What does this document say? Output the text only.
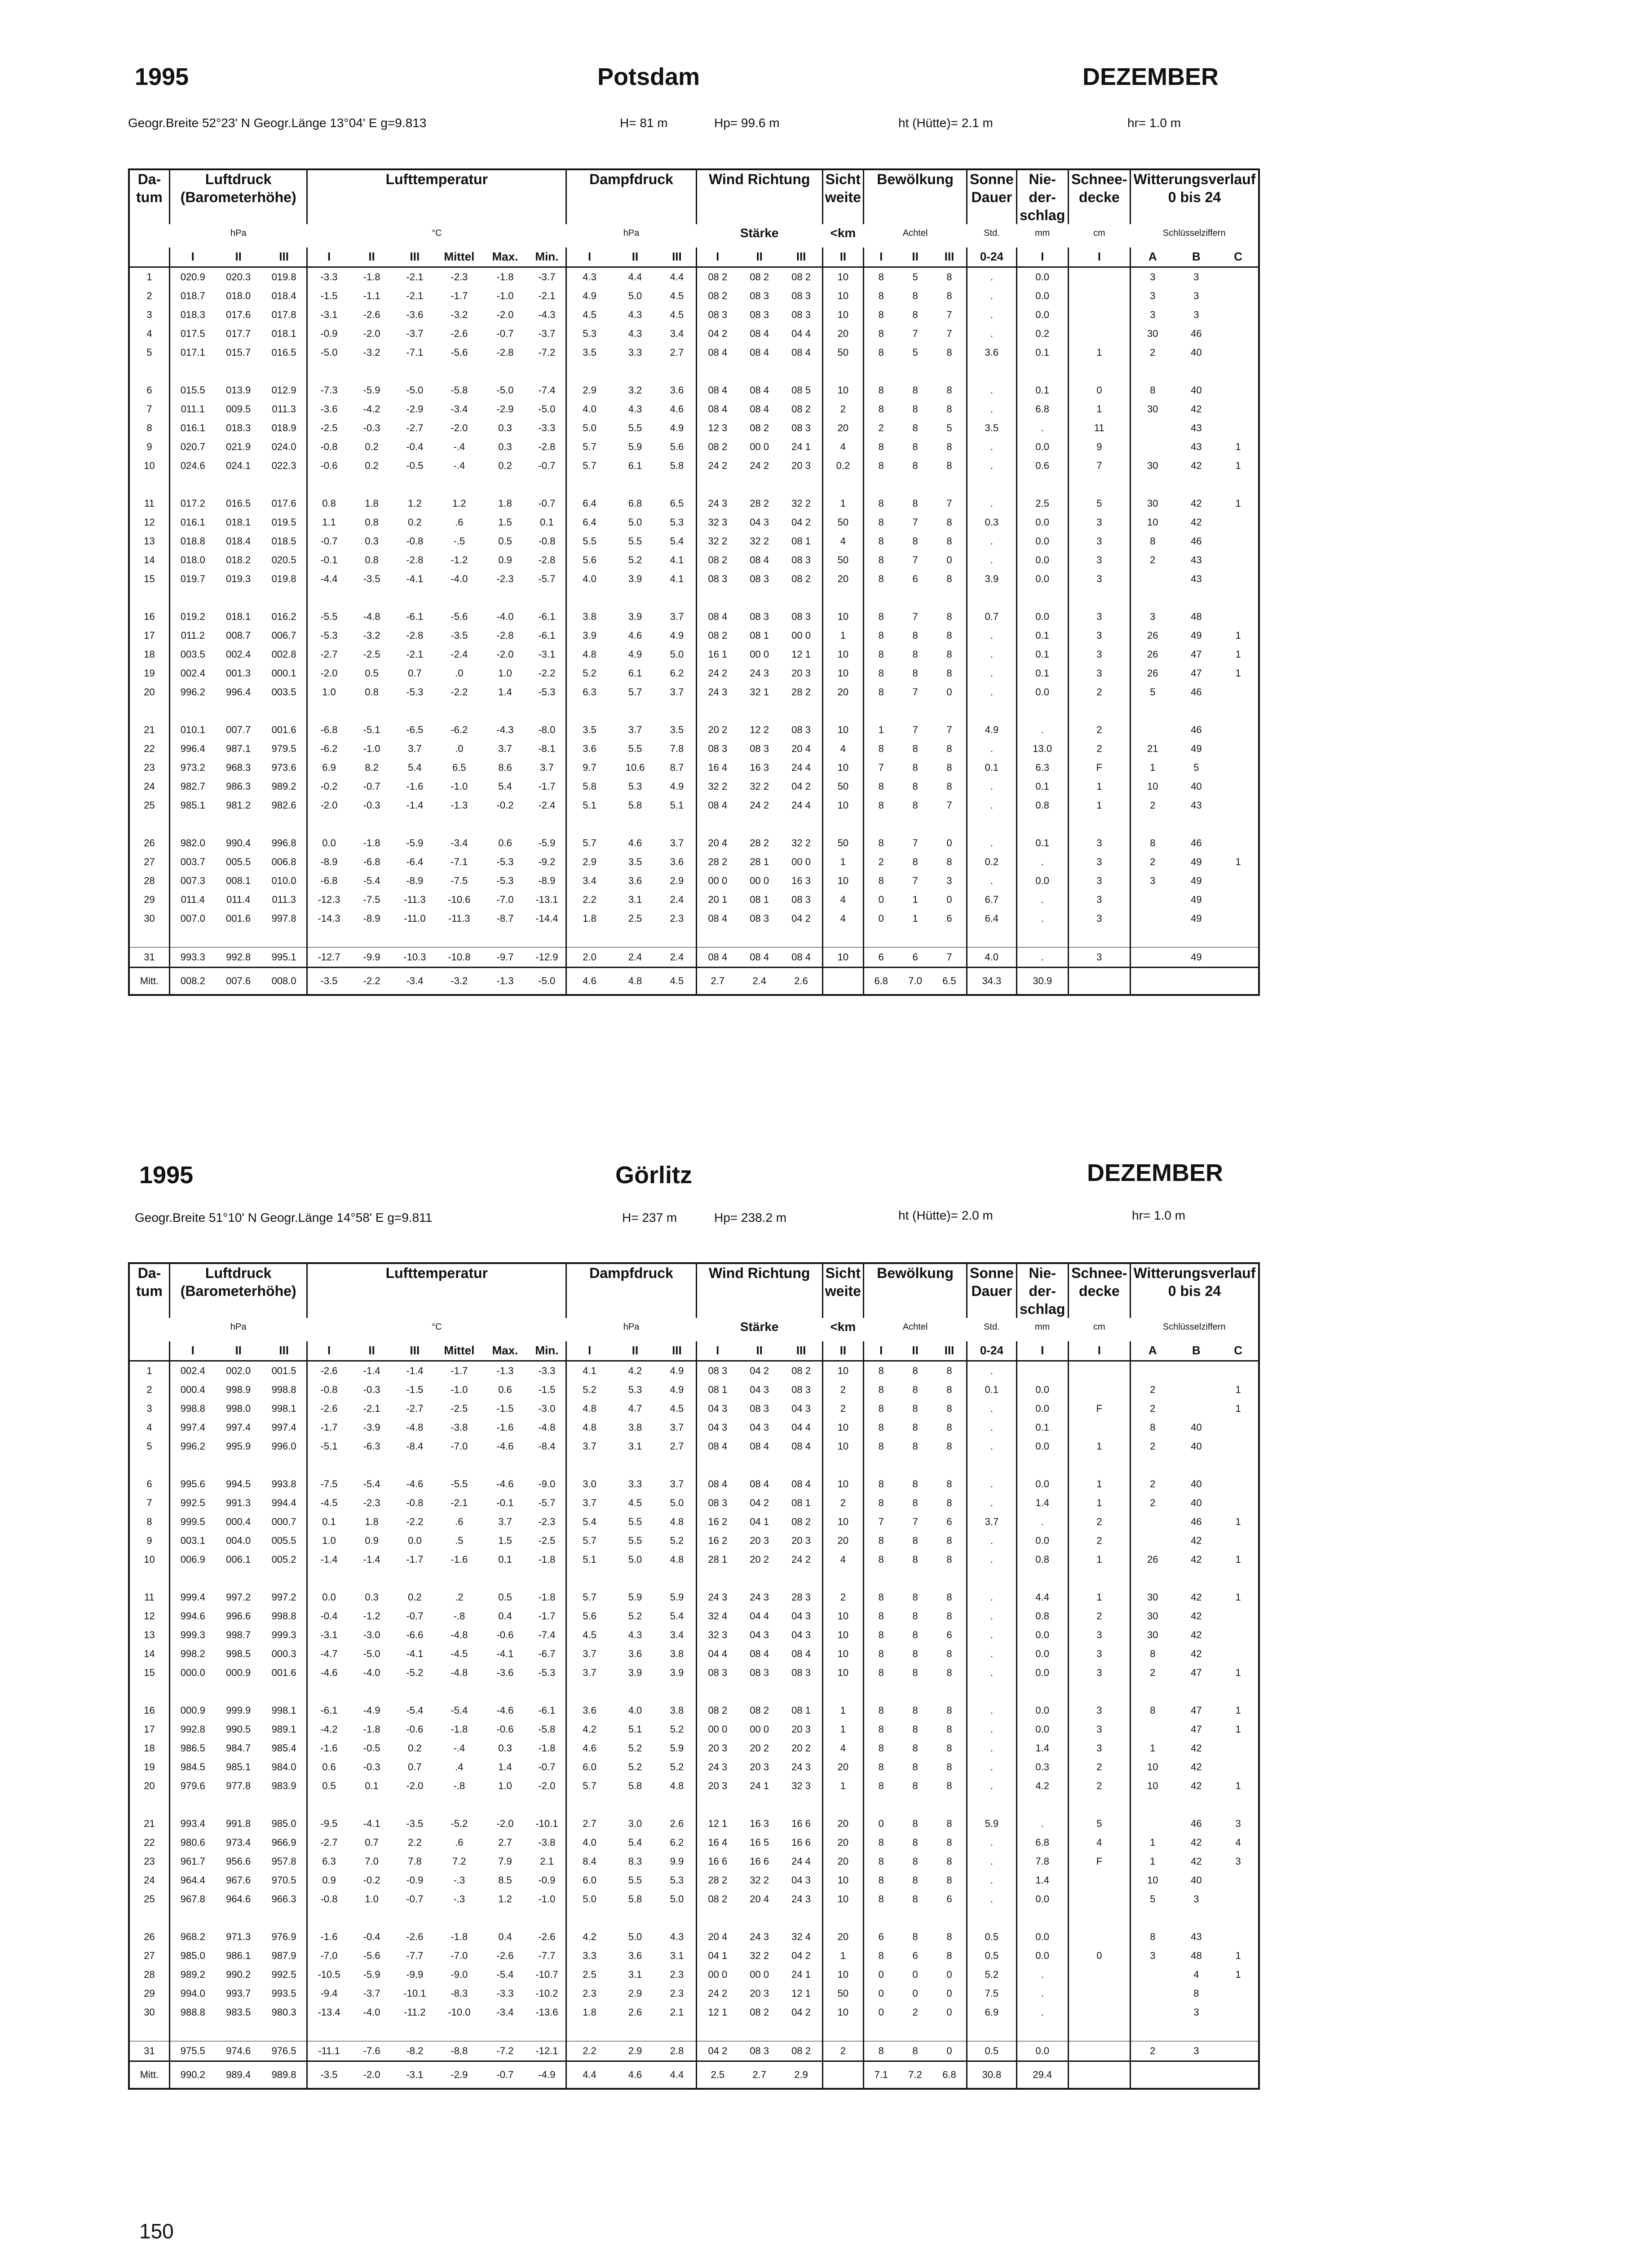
1995	Potsdam	DEZEMBER
Geogr.Breite 52°23' N Geogr.Länge 13°04' E g=9.813	H= 81 m	Hp= 99.6 m	ht (Hütte)= 2.1 m	hr= 1.0 m
Da- tum	Luftdruck (Barometerhöhe)			Lufttemperatur						Dampfdruck			Wind Richtung			Sicht weite	Bewölkung			Sonne Dauer	Nie- der- schlag	Schnee- decke	Witterungsverlauf 0 bis 24		
	hPa			°C						hPa			Stärke			<km	Achtel			Std.	mm	cm	Schlüsselziffern		
	I	II	III	I	II	III	Mittel	Max.	Min.	I	II	III	I	II	III	II	I	II	III	0-24	I	I	A	B	C
1	020.9	020.3	019.8	-3.3	-1.8	-2.1	-2.3	-1.8	-3.7	4.3	4.4	4.4	08 2	08 2	08 2	10	8	5	8	.	0.0		3	3	
2	018.7	018.0	018.4	-1.5	-1.1	-2.1	-1.7	-1.0	-2.1	4.9	5.0	4.5	08 2	08 3	08 3	10	8	8	8	.	0.0		3	3	
3	018.3	017.6	017.8	-3.1	-2.6	-3.6	-3.2	-2.0	-4.3	4.5	4.3	4.5	08 3	08 3	08 3	10	8	8	7	.	0.0		3	3	
4	017.5	017.7	018.1	-0.9	-2.0	-3.7	-2.6	-0.7	-3.7	5.3	4.3	3.4	04 2	08 4	04 4	20	8	7	7	.	0.2		30	46	
5	017.1	015.7	016.5	-5.0	-3.2	-7.1	-5.6	-2.8	-7.2	3.5	3.3	2.7	08 4	08 4	08 4	50	8	5	8	3.6	0.1	1	2	40	

6	015.5	013.9	012.9	-7.3	-5.9	-5.0	-5.8	-5.0	-7.4	2.9	3.2	3.6	08 4	08 4	08 5	10	8	8	8	.	0.1	0	8	40	
7	011.1	009.5	011.3	-3.6	-4.2	-2.9	-3.4	-2.9	-5.0	4.0	4.3	4.6	08 4	08 4	08 2	2	8	8	8	.	6.8	1	30	42	
8	016.1	018.3	018.9	-2.5	-0.3	-2.7	-2.0	0.3	-3.3	5.0	5.5	4.9	12 3	08 2	08 3	20	2	8	5	3.5	.	11		43	
9	020.7	021.9	024.0	-0.8	0.2	-0.4	-.4	0.3	-2.8	5.7	5.9	5.6	08 2	00 0	24 1	4	8	8	8	.	0.0	9		43	1
10	024.6	024.1	022.3	-0.6	0.2	-0.5	-.4	0.2	-0.7	5.7	6.1	5.8	24 2	24 2	20 3	0.2	8	8	8	.	0.6	7	30	42	1

11	017.2	016.5	017.6	0.8	1.8	1.2	1.2	1.8	-0.7	6.4	6.8	6.5	24 3	28 2	32 2	1	8	8	7	.	2.5	5	30	42	1
12	016.1	018.1	019.5	1.1	0.8	0.2	.6	1.5	0.1	6.4	5.0	5.3	32 3	04 3	04 2	50	8	7	8	0.3	0.0	3	10	42	
13	018.8	018.4	018.5	-0.7	0.3	-0.8	-.5	0.5	-0.8	5.5	5.5	5.4	32 2	32 2	08 1	4	8	8	8	.	0.0	3	8	46	
14	018.0	018.2	020.5	-0.1	0.8	-2.8	-1.2	0.9	-2.8	5.6	5.2	4.1	08 2	08 4	08 3	50	8	7	0	.	0.0	3	2	43	
15	019.7	019.3	019.8	-4.4	-3.5	-4.1	-4.0	-2.3	-5.7	4.0	3.9	4.1	08 3	08 3	08 2	20	8	6	8	3.9	0.0	3		43	

16	019.2	018.1	016.2	-5.5	-4.8	-6.1	-5.6	-4.0	-6.1	3.8	3.9	3.7	08 4	08 3	08 3	10	8	7	8	0.7	0.0	3	3	48	
17	011.2	008.7	006.7	-5.3	-3.2	-2.8	-3.5	-2.8	-6.1	3.9	4.6	4.9	08 2	08 1	00 0	1	8	8	8	.	0.1	3	26	49	1
18	003.5	002.4	002.8	-2.7	-2.5	-2.1	-2.4	-2.0	-3.1	4.8	4.9	5.0	16 1	00 0	12 1	10	8	8	8	.	0.1	3	26	47	1
19	002.4	001.3	000.1	-2.0	0.5	0.7	.0	1.0	-2.2	5.2	6.1	6.2	24 2	24 3	20 3	10	8	8	8	.	0.1	3	26	47	1
20	996.2	996.4	003.5	1.0	0.8	-5.3	-2.2	1.4	-5.3	6.3	5.7	3.7	24 3	32 1	28 2	20	8	7	0	.	0.0	2	5	46	

21	010.1	007.7	001.6	-6.8	-5.1	-6.5	-6.2	-4.3	-8.0	3.5	3.7	3.5	20 2	12 2	08 3	10	1	7	7	4.9	.	2		46	
22	996.4	987.1	979.5	-6.2	-1.0	3.7	.0	3.7	-8.1	3.6	5.5	7.8	08 3	08 3	20 4	4	8	8	8	.	13.0	2	21	49	
23	973.2	968.3	973.6	6.9	8.2	5.4	6.5	8.6	3.7	9.7	10.6	8.7	16 4	16 3	24 4	10	7	8	8	0.1	6.3	F	1	5	
24	982.7	986.3	989.2	-0.2	-0.7	-1.6	-1.0	5.4	-1.7	5.8	5.3	4.9	32 2	32 2	04 2	50	8	8	8	.	0.1	1	10	40	
25	985.1	981.2	982.6	-2.0	-0.3	-1.4	-1.3	-0.2	-2.4	5.1	5.8	5.1	08 4	24 2	24 4	10	8	8	7	.	0.8	1	2	43	

26	982.0	990.4	996.8	0.0	-1.8	-5.9	-3.4	0.6	-5.9	5.7	4.6	3.7	20 4	28 2	32 2	50	8	7	0	.	0.1	3	8	46	
27	003.7	005.5	006.8	-8.9	-6.8	-6.4	-7.1	-5.3	-9.2	2.9	3.5	3.6	28 2	28 1	00 0	1	2	8	8	0.2	.	3	2	49	1
28	007.3	008.1	010.0	-6.8	-5.4	-8.9	-7.5	-5.3	-8.9	3.4	3.6	2.9	00 0	00 0	16 3	10	8	7	3	.	0.0	3	3	49	
29	011.4	011.4	011.3	-12.3	-7.5	-11.3	-10.6	-7.0	-13.1	2.2	3.1	2.4	20 1	08 1	08 3	4	0	1	0	6.7	.	3		49	
30	007.0	001.6	997.8	-14.3	-8.9	-11.0	-11.3	-8.7	-14.4	1.8	2.5	2.3	08 4	08 3	04 2	4	0	1	6	6.4	.	3		49	

31	993.3	992.8	995.1	-12.7	-9.9	-10.3	-10.8	-9.7	-12.9	2.0	2.4	2.4	08 4	08 4	08 4	10	6	6	7	4.0	.	3		49	
Mitt.	008.2	007.6	008.0	-3.5	-2.2	-3.4	-3.2	-1.3	-5.0	4.6	4.8	4.5	2.7	2.4	2.6		6.8	7.0	6.5	34.3	30.9				
1995	Görlitz	DEZEMBER
Geogr.Breite 51°10' N Geogr.Länge 14°58' E g=9.811	H= 237 m	Hp= 238.2 m	ht (Hütte)= 2.0 m	hr= 1.0 m
Da- tum	Luftdruck (Barometerhöhe)			Lufttemperatur						Dampfdruck			Wind Richtung			Sicht weite	Bewölkung			Sonne Dauer	Nie- der- schlag	Schnee- decke	Witterungsverlauf 0 bis 24		
	hPa			°C						hPa			Stärke			<km	Achtel			Std.	mm	cm	Schlüsselziffern		
	I	II	III	I	II	III	Mittel	Max.	Min.	I	II	III	I	II	III	II	I	II	III	0-24	I	I	A	B	C
1	002.4	002.0	001.5	-2.6	-1.4	-1.4	-1.7	-1.3	-3.3	4.1	4.2	4.9	08 3	04 2	08 2	10	8	8	8	.					
2	000.4	998.9	998.8	-0.8	-0.3	-1.5	-1.0	0.6	-1.5	5.2	5.3	4.9	08 1	04 3	08 3	2	8	8	8	0.1	0.0		2		1
3	998.8	998.0	998.1	-2.6	-2.1	-2.7	-2.5	-1.5	-3.0	4.8	4.7	4.5	04 3	08 3	04 3	2	8	8	8	.	0.0	F	2		1
4	997.4	997.4	997.4	-1.7	-3.9	-4.8	-3.8	-1.6	-4.8	4.8	3.8	3.7	04 3	04 3	04 4	10	8	8	8	.	0.1		8	40	
5	996.2	995.9	996.0	-5.1	-6.3	-8.4	-7.0	-4.6	-8.4	3.7	3.1	2.7	08 4	08 4	08 4	10	8	8	8	.	0.0	1	2	40	

6	995.6	994.5	993.8	-7.5	-5.4	-4.6	-5.5	-4.6	-9.0	3.0	3.3	3.7	08 4	08 4	08 4	10	8	8	8	.	0.0	1	2	40	
7	992.5	991.3	994.4	-4.5	-2.3	-0.8	-2.1	-0.1	-5.7	3.7	4.5	5.0	08 3	04 2	08 1	2	8	8	8	.	1.4	1	2	40	
8	999.5	000.4	000.7	0.1	1.8	-2.2	.6	3.7	-2.3	5.4	5.5	4.8	16 2	04 1	08 2	10	7	7	6	3.7	.	2		46	1
9	003.1	004.0	005.5	1.0	0.9	0.0	.5	1.5	-2.5	5.7	5.5	5.2	16 2	20 3	20 3	20	8	8	8	.	0.0	2		42	
10	006.9	006.1	005.2	-1.4	-1.4	-1.7	-1.6	0.1	-1.8	5.1	5.0	4.8	28 1	20 2	24 2	4	8	8	8	.	0.8	1	26	42	1

11	999.4	997.2	997.2	0.0	0.3	0.2	.2	0.5	-1.8	5.7	5.9	5.9	24 3	24 3	28 3	2	8	8	8	.	4.4	1	30	42	1
12	994.6	996.6	998.8	-0.4	-1.2	-0.7	-.8	0.4	-1.7	5.6	5.2	5.4	32 4	04 4	04 3	10	8	8	8	.	0.8	2	30	42	
13	999.3	998.7	999.3	-3.1	-3.0	-6.6	-4.8	-0.6	-7.4	4.5	4.3	3.4	32 3	04 3	04 3	10	8	8	6	.	0.0	3	30	42	
14	998.2	998.5	000.3	-4.7	-5.0	-4.1	-4.5	-4.1	-6.7	3.7	3.6	3.8	04 4	08 4	08 4	10	8	8	8	.	0.0	3	8	42	
15	000.0	000.9	001.6	-4.6	-4.0	-5.2	-4.8	-3.6	-5.3	3.7	3.9	3.9	08 3	08 3	08 3	10	8	8	8	.	0.0	3	2	47	1

16	000.9	999.9	998.1	-6.1	-4.9	-5.4	-5.4	-4.6	-6.1	3.6	4.0	3.8	08 2	08 2	08 1	1	8	8	8	.	0.0	3	8	47	1
17	992.8	990.5	989.1	-4.2	-1.8	-0.6	-1.8	-0.6	-5.8	4.2	5.1	5.2	00 0	00 0	20 3	1	8	8	8	.	0.0	3		47	1
18	986.5	984.7	985.4	-1.6	-0.5	0.2	-.4	0.3	-1.8	4.6	5.2	5.9	20 3	20 2	20 2	4	8	8	8	.	1.4	3	1	42	
19	984.5	985.1	984.0	0.6	-0.3	0.7	.4	1.4	-0.7	6.0	5.2	5.2	24 3	20 3	24 3	20	8	8	8	.	0.3	2	10	42	
20	979.6	977.8	983.9	0.5	0.1	-2.0	-.8	1.0	-2.0	5.7	5.8	4.8	20 3	24 1	32 3	1	8	8	8	.	4.2	2	10	42	1

21	993.4	991.8	985.0	-9.5	-4.1	-3.5	-5.2	-2.0	-10.1	2.7	3.0	2.6	12 1	16 3	16 6	20	0	8	8	5.9	.	5		46	3
22	980.6	973.4	966.9	-2.7	0.7	2.2	.6	2.7	-3.8	4.0	5.4	6.2	16 4	16 5	16 6	20	8	8	8	.	6.8	4	1	42	4
23	961.7	956.6	957.8	6.3	7.0	7.8	7.2	7.9	2.1	8.4	8.3	9.9	16 6	16 6	24 4	20	8	8	8	.	7.8	F	1	42	3
24	964.4	967.6	970.5	0.9	-0.2	-0.9	-.3	8.5	-0.9	6.0	5.5	5.3	28 2	32 2	04 3	10	8	8	8	.	1.4		10	40	
25	967.8	964.6	966.3	-0.8	1.0	-0.7	-.3	1.2	-1.0	5.0	5.8	5.0	08 2	20 4	24 3	10	8	8	6	.	0.0		5	3	

26	968.2	971.3	976.9	-1.6	-0.4	-2.6	-1.8	0.4	-2.6	4.2	5.0	4.3	20 4	24 3	32 4	20	6	8	8	0.5	0.0		8	43	
27	985.0	986.1	987.9	-7.0	-5.6	-7.7	-7.0	-2.6	-7.7	3.3	3.6	3.1	04 1	32 2	04 2	1	8	6	8	0.5	0.0	0	3	48	1
28	989.2	990.2	992.5	-10.5	-5.9	-9.9	-9.0	-5.4	-10.7	2.5	3.1	2.3	00 0	00 0	24 1	10	0	0	0	5.2	.			4	1
29	994.0	993.7	993.5	-9.4	-3.7	-10.1	-8.3	-3.3	-10.2	2.3	2.9	2.3	24 2	20 3	12 1	50	0	0	0	7.5	.			8	
30	988.8	983.5	980.3	-13.4	-4.0	-11.2	-10.0	-3.4	-13.6	1.8	2.6	2.1	12 1	08 2	04 2	10	0	2	0	6.9	.			3	

31	975.5	974.6	976.5	-11.1	-7.6	-8.2	-8.8	-7.2	-12.1	2.2	2.9	2.8	04 2	08 3	08 2	2	8	8	0	0.5	0.0		2	3	
Mitt.	990.2	989.4	989.8	-3.5	-2.0	-3.1	-2.9	-0.7	-4.9	4.4	4.6	4.4	2.5	2.7	2.9		7.1	7.2	6.8	30.8	29.4				
150
